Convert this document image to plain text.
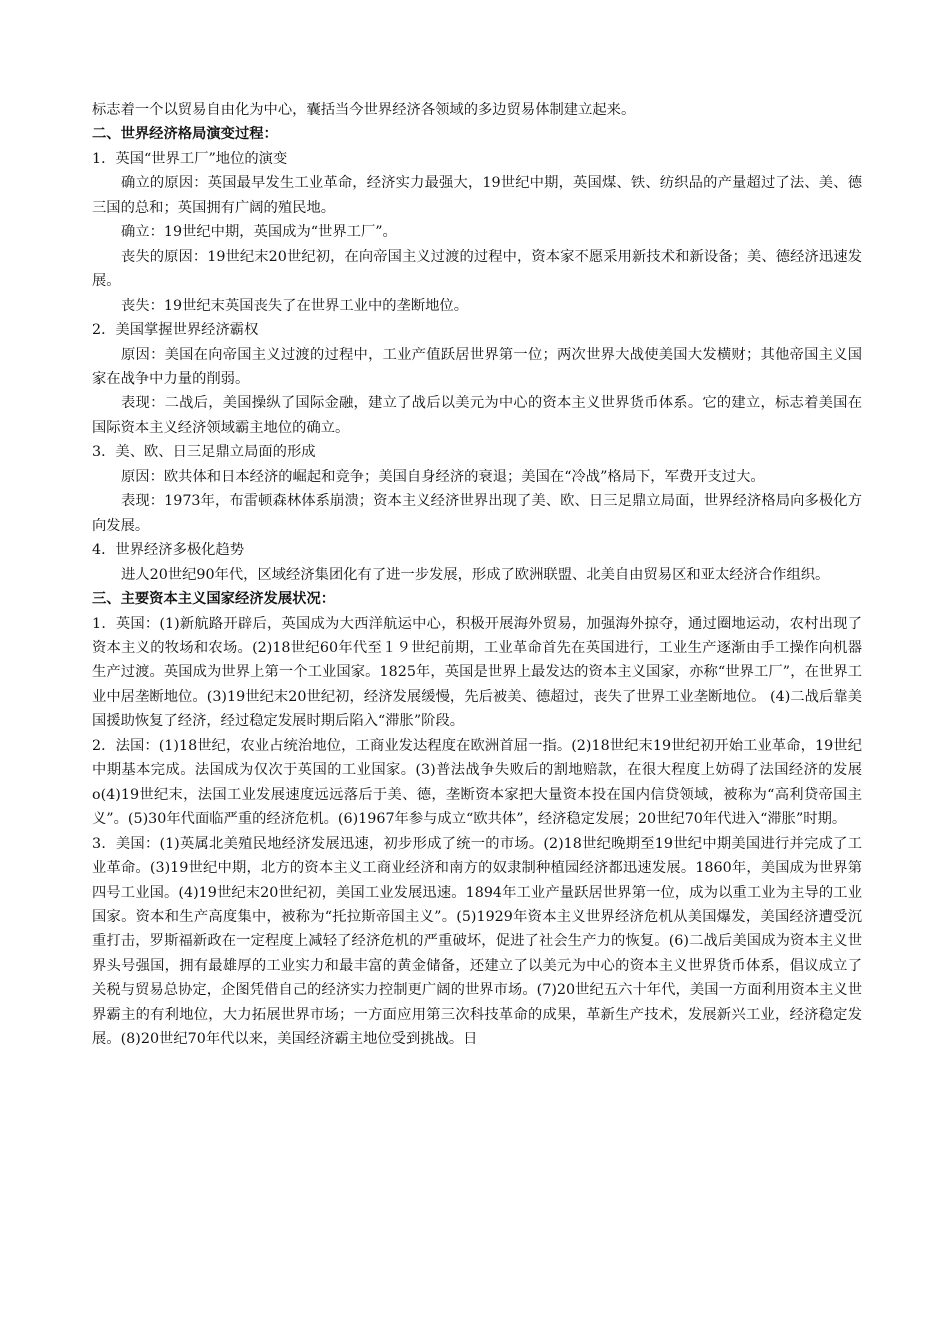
标志着一个以贸易自由化为中心，囊括当今世界经济各领域的多边贸易体制建立起来。

二、世界经济格局演变过程：

1．英国“世界工厂”地位的演变

确立的原因：英国最早发生工业革命，经济实力最强大，19世纪中期，英国煤、铁、纺织品的产量超过了法、美、德三国的总和；英国拥有广阔的殖民地。

确立：19世纪中期，英国成为“世界工厂”。

丧失的原因：19世纪末20世纪初，在向帝国主义过渡的过程中，资本家不愿采用新技术和新设备；美、德经济迅速发展。

丧失：19世纪末英国丧失了在世界工业中的垄断地位。

2．美国掌握世界经济霸权

原因：美国在向帝国主义过渡的过程中，工业产值跃居世界第一位；两次世界大战使美国大发横财；其他帝国主义国家在战争中力量的削弱。

表现：二战后，美国操纵了国际金融，建立了战后以美元为中心的资本主义世界货币体系。它的建立，标志着美国在国际资本主义经济领域霸主地位的确立。

3．美、欧、日三足鼎立局面的形成

原因：欧共体和日本经济的崛起和竞争；美国自身经济的衰退；美国在“冷战”格局下，军费开支过大。

表现：1973年，布雷顿森林体系崩溃；资本主义经济世界出现了美、欧、日三足鼎立局面，世界经济格局向多极化方向发展。

4．世界经济多极化趋势

进人20世纪90年代，区域经济集团化有了进一步发展，形成了欧洲联盟、北美自由贸易区和亚太经济合作组织。

三、主要资本主义国家经济发展状况：

1．英国：(1)新航路开辟后，英国成为大西洋航运中心，积极开展海外贸易，加强海外掠夺，通过圈地运动，农村出现了资本主义的牧场和农场。(2)18世纪60年代至１９世纪前期，工业革命首先在英国进行，工业生产逐渐由手工操作向机器生产过渡。英国成为世界上第一个工业国家。1825年，英国是世界上最发达的资本主义国家，亦称“世界工厂”，在世界工业中居垄断地位。(3)19世纪末20世纪初，经济发展缓慢，先后被美、德超过，丧失了世界工业垄断地位。 (4)二战后靠美国援助恢复了经济，经过稳定发展时期后陷入“滞胀”阶段。

2．法国：(1)18世纪，农业占统治地位，工商业发达程度在欧洲首屈一指。(2)18世纪末19世纪初开始工业革命，19世纪中期基本完成。法国成为仅次于英国的工业国家。(3)普法战争失败后的割地赔款，在很大程度上妨碍了法国经济的发展ο(4)19世纪末，法国工业发展速度远远落后于美、德，垄断资本家把大量资本投在国内信贷领域，被称为“高利贷帝国主义”。(5)30年代面临严重的经济危机。(6)1967年参与成立“欧共体”，经济稳定发展；20世纪70年代进入“滞胀”时期。

3．美国：(1)英属北美殖民地经济发展迅速，初步形成了统一的市场。(2)18世纪晚期至19世纪中期美国进行并完成了工业革命。(3)19世纪中期，北方的资本主义工商业经济和南方的奴隶制种植园经济都迅速发展。1860年，美国成为世界第四号工业国。(4)19世纪末20世纪初，美国工业发展迅速。1894年工业产量跃居世界第一位，成为以重工业为主导的工业国家。资本和生产高度集中，被称为“托拉斯帝国主义”。(5)1929年资本主义世界经济危机从美国爆发，美国经济遭受沉重打击，罗斯福新政在一定程度上减轻了经济危机的严重破坏，促进了社会生产力的恢复。(6)二战后美国成为资本主义世界头号强国，拥有最雄厚的工业实力和最丰富的黄金储备，还建立了以美元为中心的资本主义世界货币体系，倡议成立了关税与贸易总协定，企图凭借自己的经济实力控制更广阔的世界市场。(7)20世纪五六十年代，美国一方面利用资本主义世界霸主的有利地位，大力拓展世界市场；一方面应用第三次科技革命的成果，革新生产技术，发展新兴工业，经济稳定发展。(8)20世纪70年代以来，美国经济霸主地位受到挑战。日
